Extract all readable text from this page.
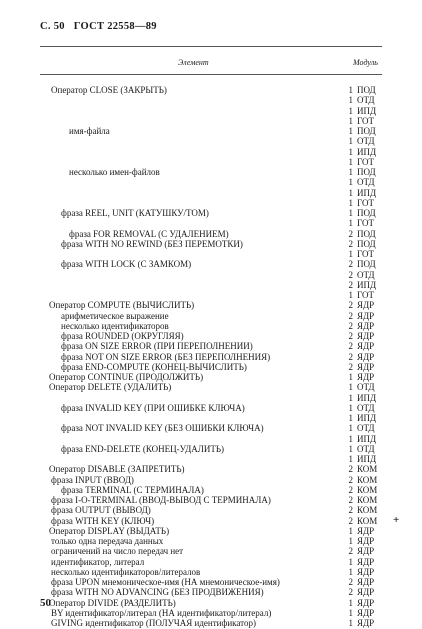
C. 50 ГОСТ 22558—89
Элемент	Модуль
Оператор CLOSE (ЗАКРЫТЬ)	1 ПОД
1 ОТД
1 ИПД
1 ГОТ
имя-файла	1 ПОД
1 ОТД
1 ИПД
1 ГОТ
несколько имен-файлов	1 ПОД
1 ОТД
1 ИПД
1 ГОТ
фраза REEL, UNIT (КАТУШКУ/ТОМ)	1 ПОД
1 ГОТ
фраза FOR REMOVAL (С УДАЛЕНИЕМ)	2 ПОД
фраза WITH NO REWIND (БЕЗ ПЕРЕМОТКИ)	2 ПОД
1 ГОТ
фраза WITH LOCK (С ЗАМКОМ)	2 ПОД
2 ОТД
2 ИПД
1 ГОТ
Оператор COMPUTE (ВЫЧИСЛИТЬ)	2 ЯДР
арифметическое выражение	2 ЯДР
несколько идентификаторов	2 ЯДР
фраза ROUNDED (ОКРУГЛЯЯ)	2 ЯДР
фраза ON SIZE ERROR (ПРИ ПЕРЕПОЛНЕНИИ)	2 ЯДР
фраза NOT ON SIZE ERROR (БЕЗ ПЕРЕПОЛНЕНИЯ)	2 ЯДР
фраза END-COMPUTE (КОНЕЦ-ВЫЧИСЛИТЬ)	2 ЯДР
Оператор CONTINUE (ПРОДОЛЖИТЬ)	1 ЯДР
Оператор DELETE (УДАЛИТЬ)	1 ОТД
1 ИПД
фраза INVALID KEY (ПРИ ОШИБКЕ КЛЮЧА)	1 ОТД
1 ИПД
фраза NOT INVALID KEY (БЕЗ ОШИБКИ КЛЮЧА)	1 ОТД
1 ИПД
фраза END-DELETE (КОНЕЦ-УДАЛИТЬ)	1 ОТД
1 ИПД
Оператор DISABLE (ЗАПРЕТИТЬ)	2 КОМ
фраза INPUT (ВВОД)	2 КОМ
фраза TERMINAL (С ТЕРМИНАЛА)	2 КОМ
фраза I-O-TERMINAL (ВВОД-ВЫВОД С ТЕРМИНАЛА)	2 КОМ
фраза OUTPUT (ВЫВОД)	2 КОМ
фраза WITH KEY (КЛЮЧ)	2 КОМ +
Оператор DISPLAY (ВЫДАТЬ)	1 ЯДР
только одна передача данных	1 ЯДР
ограничений на число передач нет	2 ЯДР
идентификатор, литерал	1 ЯДР
несколько идентификаторов/литералов	1 ЯДР
фраза UPON мнемоническое-имя (НА мнемоническое-имя)	2 ЯДР
фраза WITH NO ADVANCING (БЕЗ ПРОДВИЖЕНИЯ)	2 ЯДР
Оператор DIVIDE (РАЗДЕЛИТЬ)	1 ЯДР
BY идентификатор/литерал (НА идентификатор/литерал)	1 ЯДР
GIVING идентификатор (ПОЛУЧАЯ идентификатор)	1 ЯДР
50
